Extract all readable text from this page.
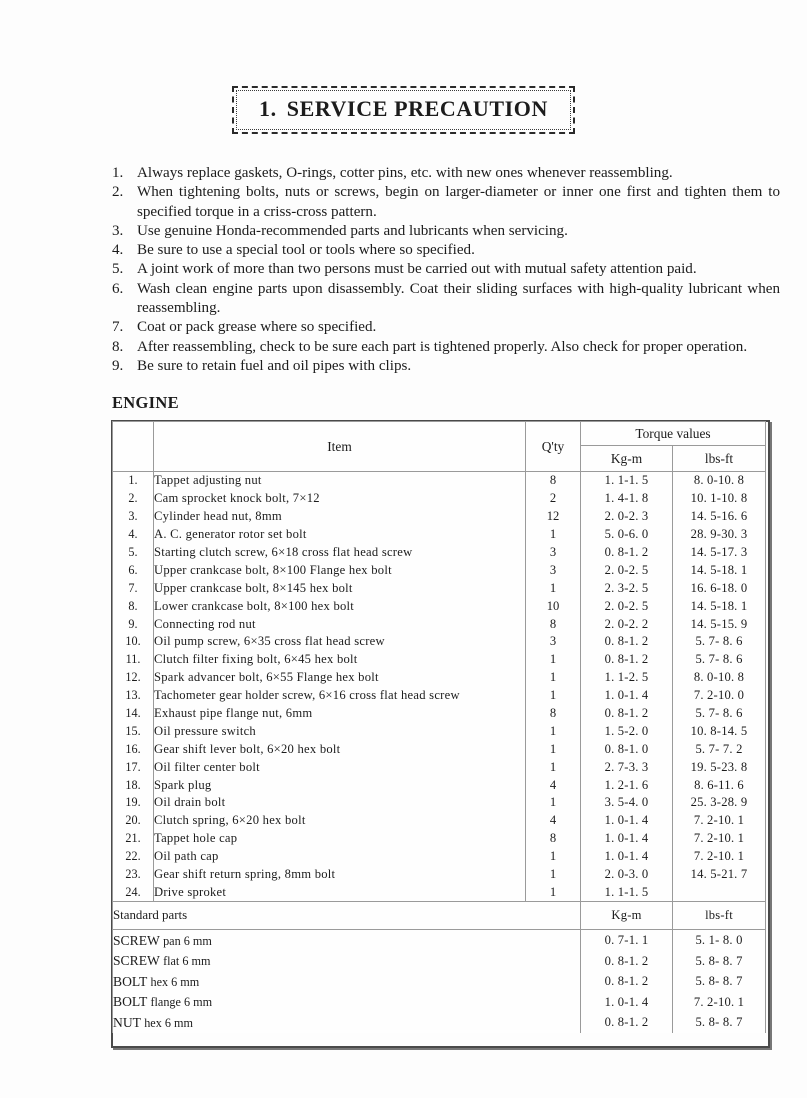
1. SERVICE PRECAUTION
1. Always replace gaskets, O-rings, cotter pins, etc. with new ones whenever reassembling.
2. When tightening bolts, nuts or screws, begin on larger-diameter or inner one first and tighten them to specified torque in a criss-cross pattern.
3. Use genuine Honda-recommended parts and lubricants when servicing.
4. Be sure to use a special tool or tools where so specified.
5. A joint work of more than two persons must be carried out with mutual safety attention paid.
6. Wash clean engine parts upon disassembly. Coat their sliding surfaces with high-quality lubricant when reassembling.
7. Coat or pack grease where so specified.
8. After reassembling, check to be sure each part is tightened properly. Also check for proper operation.
9. Be sure to retain fuel and oil pipes with clips.
ENGINE
	Item	Q'ty	Torque values	
			Kg-m	lbs-ft
1.	Tappet adjusting nut	8	1. 1-1. 5	8. 0-10. 8
2.	Cam sprocket knock bolt, 7×12	2	1. 4-1. 8	10. 1-10. 8
3.	Cylinder head nut, 8mm	12	2. 0-2. 3	14. 5-16. 6
4.	A. C. generator rotor set bolt	1	5. 0-6. 0	28. 9-30. 3
5.	Starting clutch screw, 6×18 cross flat head screw	3	0. 8-1. 2	14. 5-17. 3
6.	Upper crankcase bolt, 8×100 Flange hex bolt	3	2. 0-2. 5	14. 5-18. 1
7.	Upper crankcase bolt, 8×145 hex bolt	1	2. 3-2. 5	16. 6-18. 0
8.	Lower crankcase bolt, 8×100 hex bolt	10	2. 0-2. 5	14. 5-18. 1
9.	Connecting rod nut	8	2. 0-2. 2	14. 5-15. 9
10.	Oil pump screw, 6×35 cross flat head screw	3	0. 8-1. 2	5. 7- 8. 6
11.	Clutch filter fixing bolt, 6×45 hex bolt	1	0. 8-1. 2	5. 7- 8. 6
12.	Spark advancer bolt, 6×55 Flange hex bolt	1	1. 1-2. 5	8. 0-10. 8
13.	Tachometer gear holder screw, 6×16 cross flat head screw	1	1. 0-1. 4	7. 2-10. 0
14.	Exhaust pipe flange nut, 6mm	8	0. 8-1. 2	5. 7- 8. 6
15.	Oil pressure switch	1	1. 5-2. 0	10. 8-14. 5
16.	Gear shift lever bolt, 6×20 hex bolt	1	0. 8-1. 0	5. 7- 7. 2
17.	Oil filter center bolt	1	2. 7-3. 3	19. 5-23. 8
18.	Spark plug	4	1. 2-1. 6	8. 6-11. 6
19.	Oil drain bolt	1	3. 5-4. 0	25. 3-28. 9
20.	Clutch spring, 6×20 hex bolt	4	1. 0-1. 4	7. 2-10. 1
21.	Tappet hole cap	8	1. 0-1. 4	7. 2-10. 1
22.	Oil path cap	1	1. 0-1. 4	7. 2-10. 1
23.	Gear shift return spring, 8mm bolt	1	2. 0-3. 0	14. 5-21. 7
24.	Drive sproket	1	1. 1-1. 5	
Standard parts			Kg-m	lbs-ft
SCREW pan 6 mm			0. 7-1. 1	5. 1- 8. 0
SCREW flat 6 mm			0. 8-1. 2	5. 8- 8. 7
BOLT hex 6 mm			0. 8-1. 2	5. 8- 8. 7
BOLT flange 6 mm			1. 0-1. 4	7. 2-10. 1
NUT hex 6 mm			0. 8-1. 2	5. 8- 8. 7
